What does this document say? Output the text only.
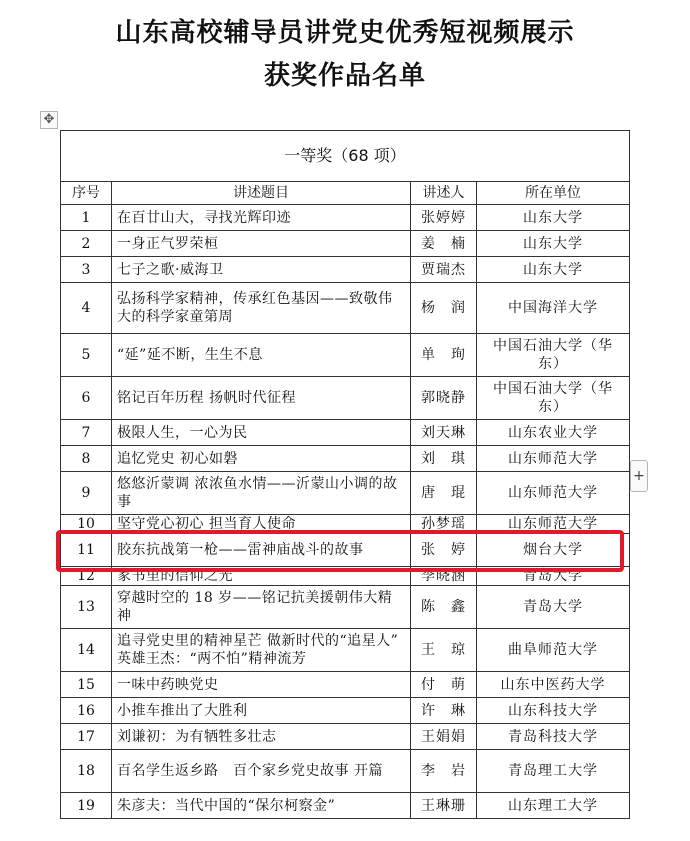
山东高校辅导员讲党史优秀短视频展示
获奖作品名单
✥
一等奖（68 项）			
序号	讲述题目	讲述人	所在单位
1	在百廿山大，寻找光辉印迹	张婷婷	山东大学
2	一身正气罗荣桓	姜　楠	山东大学
3	七子之歌·威海卫	贾瑞杰	山东大学
4	弘扬科学家精神，传承红色基因——致敬伟大的科学家童第周	杨　润	中国海洋大学
5	“延”延不断，生生不息	单　珣	中国石油大学（华东）
6	铭记百年历程 扬帆时代征程	郭晓静	中国石油大学（华东）
7	极限人生，一心为民	刘天琳	山东农业大学
8	追忆党史 初心如磐	刘　琪	山东师范大学
9	悠悠沂蒙调 浓浓鱼水情——沂蒙山小调的故事	唐　琨	山东师范大学
10	坚守党心初心 担当育人使命	孙梦瑶	山东师范大学
11	胶东抗战第一枪——雷神庙战斗的故事	张　婷	烟台大学
12	家书里的信仰之光	李晓涵	青岛大学
13	穿越时空的 18 岁——铭记抗美援朝伟大精神	陈　鑫	青岛大学
14	追寻党史里的精神星芒 做新时代的“追星人” 英雄王杰：“两不怕”精神流芳	王　琼	曲阜师范大学
15	一味中药映党史	付　萌	山东中医药大学
16	小推车推出了大胜利	许　琳	山东科技大学
17	刘谦初：为有牺牲多壮志	王娟娟	青岛科技大学
18	百名学生返乡路　百个家乡党史故事 开篇	李　岩	青岛理工大学
19	朱彦夫：当代中国的“保尔柯察金”	王琳珊	山东理工大学
+
